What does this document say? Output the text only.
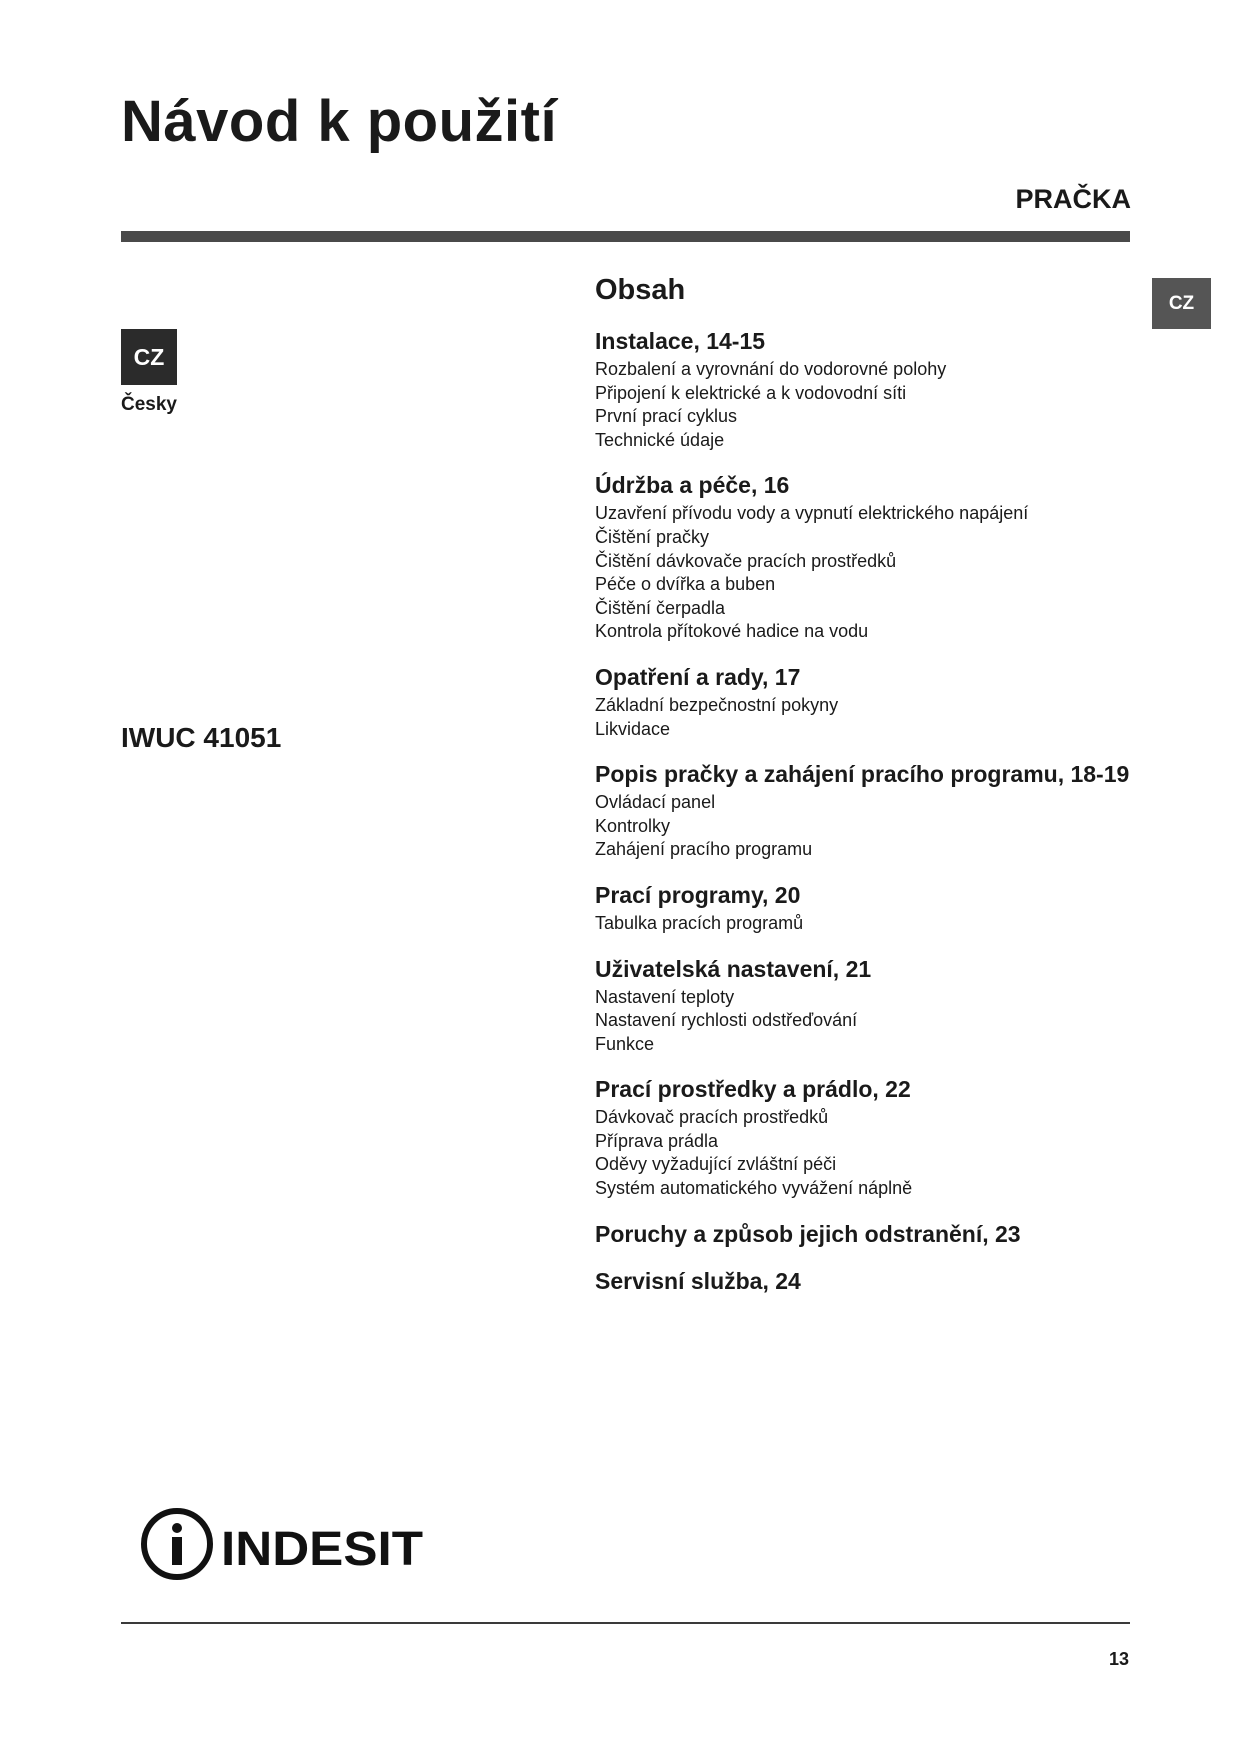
Návod k použití
PRAČKA
CZ
CZ
Česky
IWUC 41051
Obsah
Instalace, 14-15
Rozbalení a vyrovnání do vodorovné polohy
Připojení k elektrické a k vodovodní síti
První prací cyklus
Technické údaje
Údržba a péče, 16
Uzavření přívodu vody a vypnutí elektrického napájení
Čištění pračky
Čištění dávkovače pracích prostředků
Péče o dvířka a buben
Čištění čerpadla
Kontrola přítokové hadice na vodu
Opatření a rady, 17
Základní bezpečnostní pokyny
Likvidace
Popis pračky a zahájení pracího programu, 18-19
Ovládací panel
Kontrolky
Zahájení pracího programu
Prací programy, 20
Tabulka pracích programů
Uživatelská nastavení, 21
Nastavení teploty
Nastavení rychlosti odstřeďování
Funkce
Prací prostředky a prádlo, 22
Dávkovač pracích prostředků
Příprava prádla
Oděvy vyžadující zvláštní péči
Systém automatického vyvážení náplně
Poruchy a způsob jejich odstranění, 23
Servisní služba, 24
INDESIT
13
